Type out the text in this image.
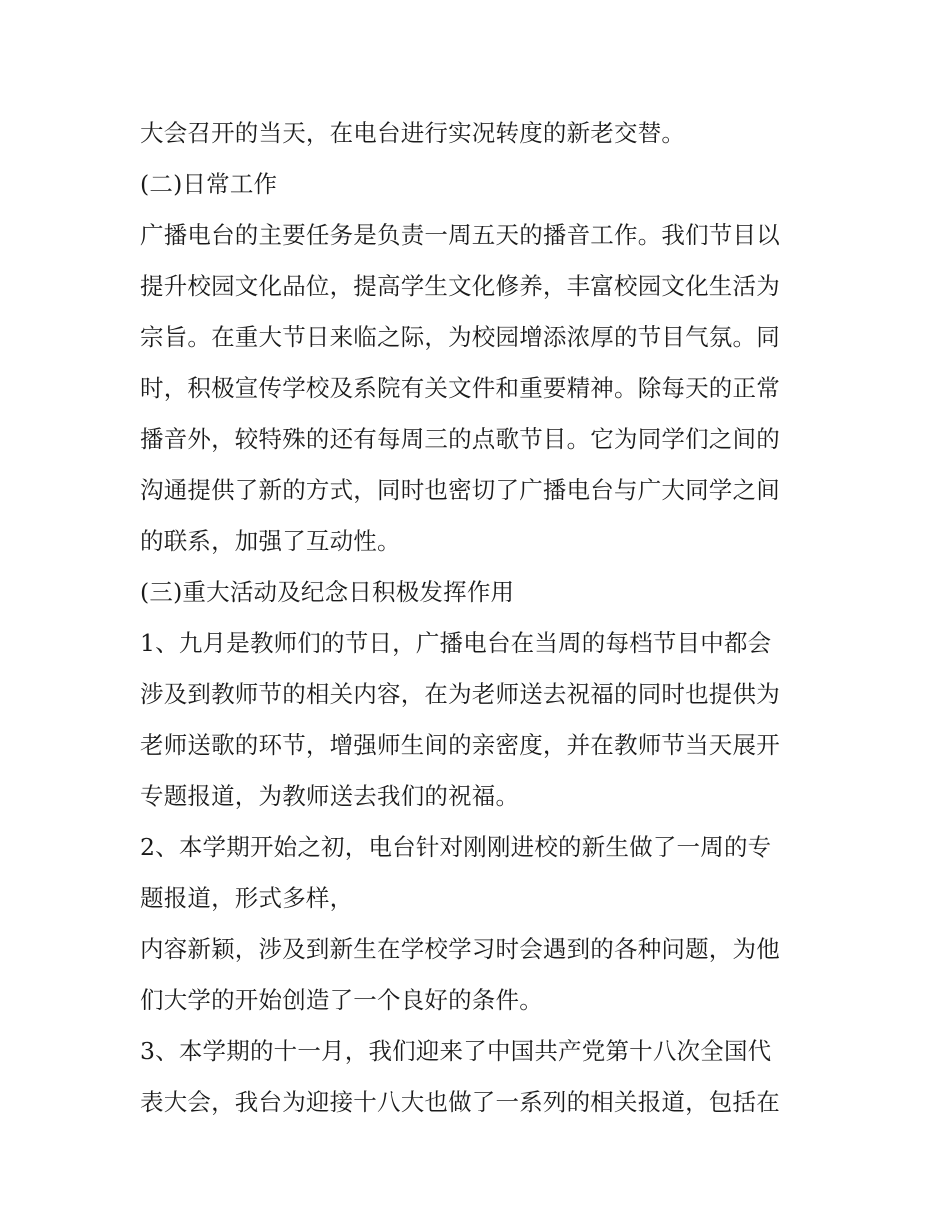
大会召开的当天，在电台进行实况转度的新老交替。
(二)日常工作
广播电台的主要任务是负责一周五天的播音工作。我们节目以
提升校园文化品位，提高学生文化修养，丰富校园文化生活为
宗旨。在重大节日来临之际，为校园增添浓厚的节目气氛。同
时，积极宣传学校及系院有关文件和重要精神。除每天的正常
播音外，较特殊的还有每周三的点歌节目。它为同学们之间的
沟通提供了新的方式，同时也密切了广播电台与广大同学之间
的联系，加强了互动性。
(三)重大活动及纪念日积极发挥作用
1、九月是教师们的节日，广播电台在当周的每档节目中都会
涉及到教师节的相关内容，在为老师送去祝福的同时也提供为
老师送歌的环节，增强师生间的亲密度，并在教师节当天展开
专题报道，为教师送去我们的祝福。
2、本学期开始之初，电台针对刚刚进校的新生做了一周的专
题报道，形式多样，
内容新颖，涉及到新生在学校学习时会遇到的各种问题，为他
们大学的开始创造了一个良好的条件。
3、本学期的十一月，我们迎来了中国共产党第十八次全国代
表大会，我台为迎接十八大也做了一系列的相关报道，包括在
